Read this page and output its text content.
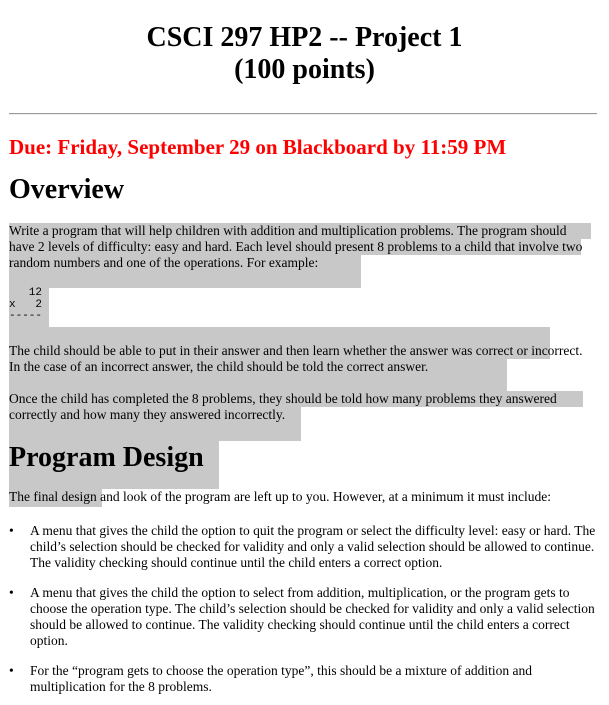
CSCI 297 HP2 -- Project 1
(100 points)
Due: Friday, September 29 on Blackboard by 11:59 PM
Overview

Write a program that will help children with addition and multiplication problems. The program should have 2 levels of difficulty: easy and hard. Each level should present 8 problems to a child that involve two random numbers and one of the operations. For example:

12
x   2
-----

The child should be able to put in their answer and then learn whether the answer was correct or incorrect. In the case of an incorrect answer, the child should be told the correct answer.

Once the child has completed the 8 problems, they should be told how many problems they answered correctly and how many they answered incorrectly.

Program Design

The final design and look of the program are left up to you. However, at a minimum it must include:

• A menu that gives the child the option to quit the program or select the difficulty level: easy or hard. The child’s selection should be checked for validity and only a valid selection should be allowed to continue. The validity checking should continue until the child enters a correct option.
• A menu that gives the child the option to select from addition, multiplication, or the program gets to choose the operation type. The child’s selection should be checked for validity and only a valid selection should be allowed to continue. The validity checking should continue until the child enters a correct option.
• For the “program gets to choose the operation type”, this should be a mixture of addition and multiplication for the 8 problems.
